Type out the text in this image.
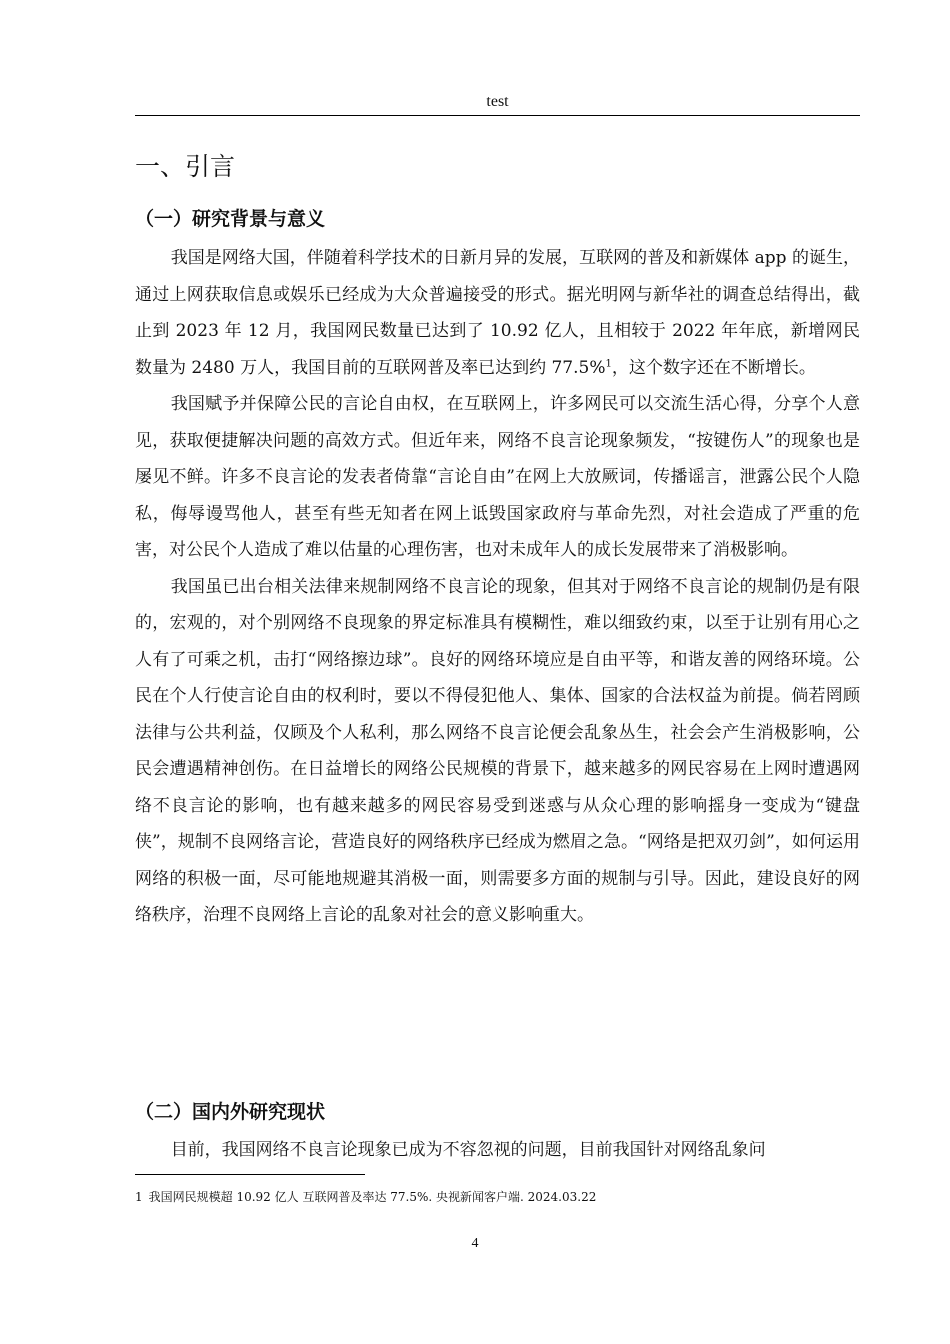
test
一、引言
（一）研究背景与意义

我国是网络大国，伴随着科学技术的日新月异的发展，互联网的普及和新媒体 app 的诞生，通过上网获取信息或娱乐已经成为大众普遍接受的形式。据光明网与新华社的调查总结得出，截止到 2023 年 12 月，我国网民数量已达到了 10.92 亿人，且相较于 2022 年年底，新增网民数量为 2480 万人，我国目前的互联网普及率已达到约 77.5%$^1$，这个数字还在不断增长。

我国赋予并保障公民的言论自由权，在互联网上，许多网民可以交流生活心得，分享个人意见，获取便捷解决问题的高效方式。但近年来，网络不良言论现象频发，“按键伤人”的现象也是屡见不鲜。许多不良言论的发表者倚靠“言论自由”在网上大放厥词，传播谣言，泄露公民个人隐私，侮辱谩骂他人，甚至有些无知者在网上诋毁国家政府与革命先烈，对社会造成了严重的危害，对公民个人造成了难以估量的心理伤害，也对未成年人的成长发展带来了消极影响。

我国虽已出台相关法律来规制网络不良言论的现象，但其对于网络不良言论的规制仍是有限的，宏观的，对个别网络不良现象的界定标准具有模糊性，难以细致约束，以至于让别有用心之人有了可乘之机，击打“网络擦边球”。良好的网络环境应是自由平等，和谐友善的网络环境。公民在个人行使言论自由的权利时，要以不得侵犯他人、集体、国家的合法权益为前提。倘若罔顾法律与公共利益，仅顾及个人私利，那么网络不良言论便会乱象丛生，社会会产生消极影响，公民会遭遇精神创伤。在日益增长的网络公民规模的背景下，越来越多的网民容易在上网时遭遇网络不良言论的影响，也有越来越多的网民容易受到迷惑与从众心理的影响摇身一变成为“键盘侠”，规制不良网络言论，营造良好的网络秩序已经成为燃眉之急。“网络是把双刃剑”，如何运用网络的积极一面，尽可能地规避其消极一面，则需要多方面的规制与引导。因此，建设良好的网络秩序，治理不良网络上言论的乱象对社会的意义影响重大。

（二）国内外研究现状

目前，我国网络不良言论现象已成为不容忽视的问题，目前我国针对网络乱象问

1 我国网民规模超 10.92 亿人 互联网普及率达 77.5%. 央视新闻客户端. 2024.03.22
4
